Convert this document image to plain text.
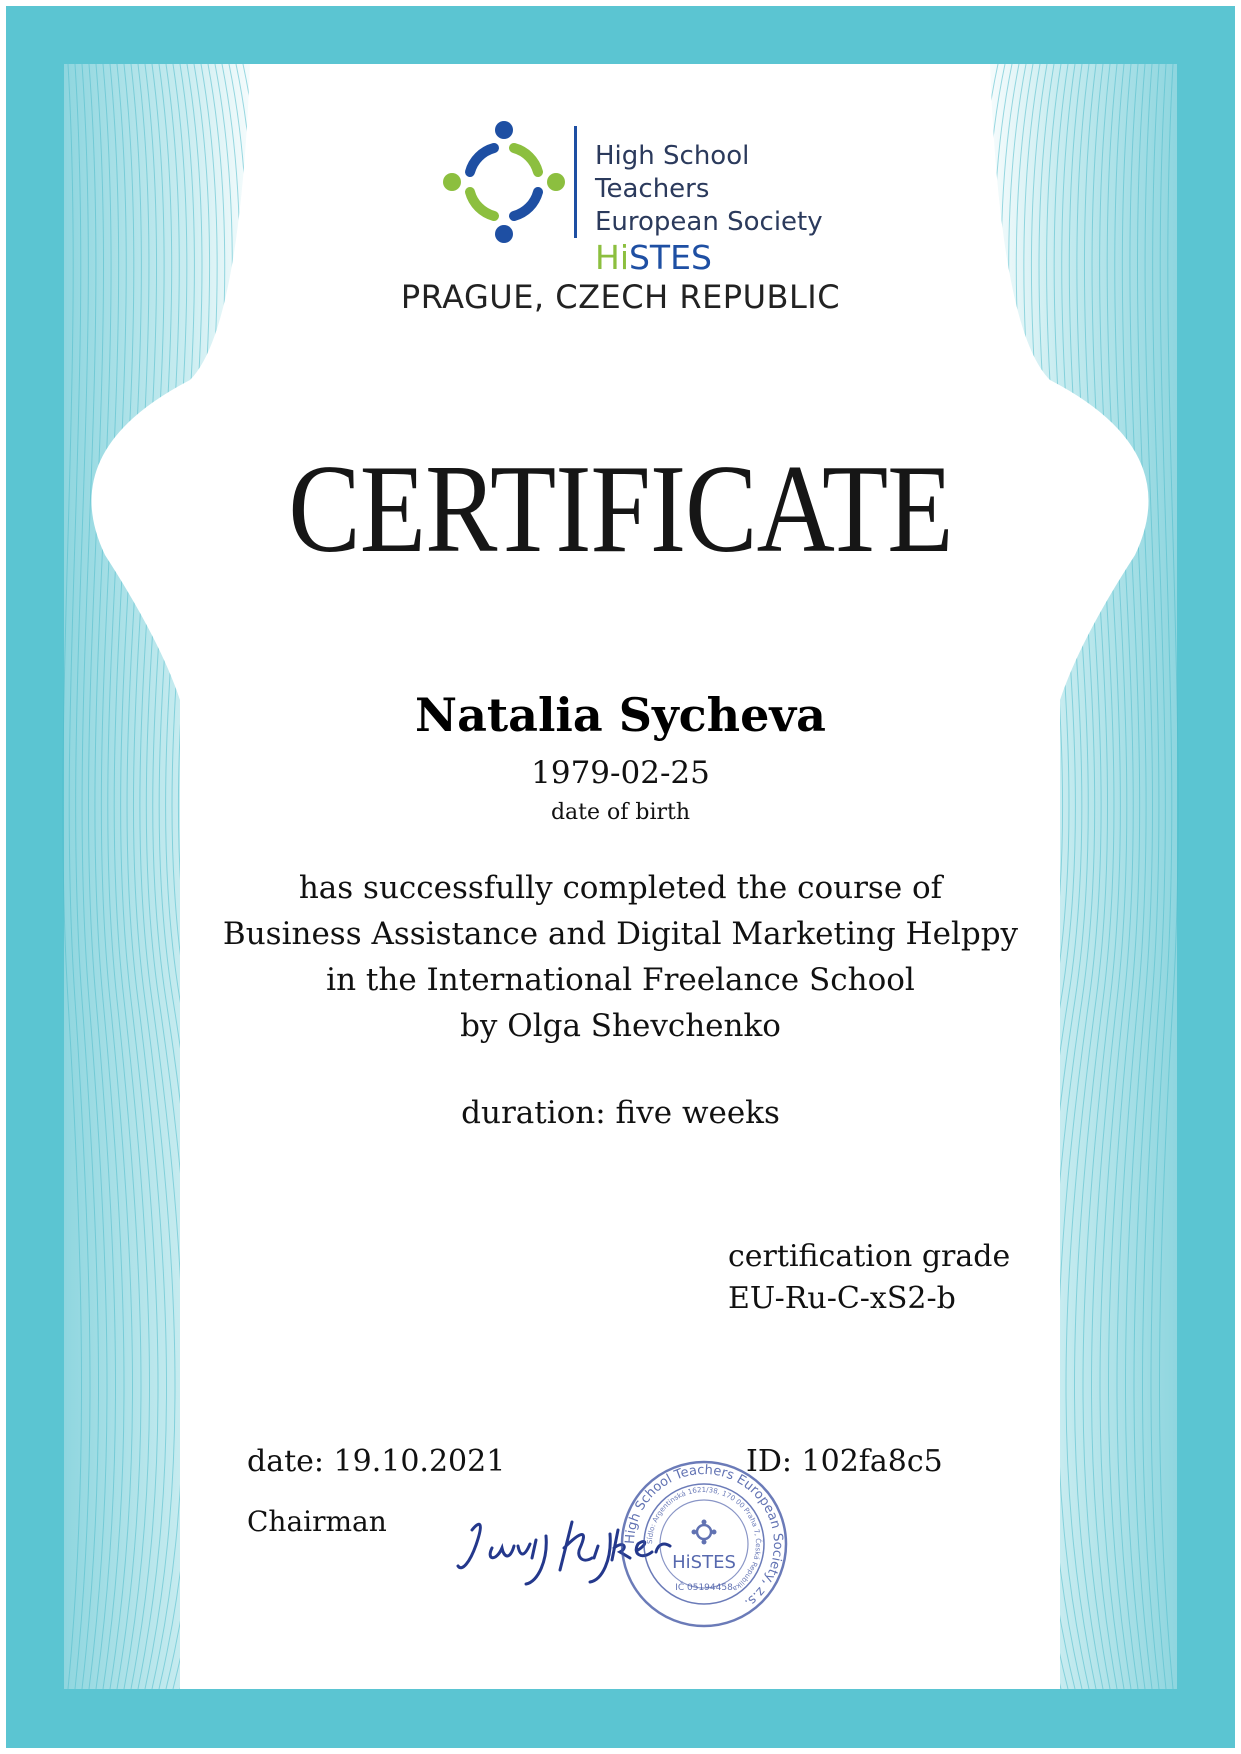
High School Teachers
European Society
HiSTES
PRAGUE, CZECH REPUBLIC
CERTIFICATE
Natalia Sycheva
1979-02-25
date of birth
has successfully completed the course of
Business Assistance and Digital Marketing Helppy
in the International Freelance School
by Olga Shevchenko
duration: five weeks
certification grade
EU-Ru-C-xS2-b
date: 19.10.2021	ID: 102fa8c5
Chairman
High School Teachers European Society, z.s.
Sídlo: Argentinská 1621/38, 170 00 Praha 7, Česká Republika
HiSTES
IČ 05194458
